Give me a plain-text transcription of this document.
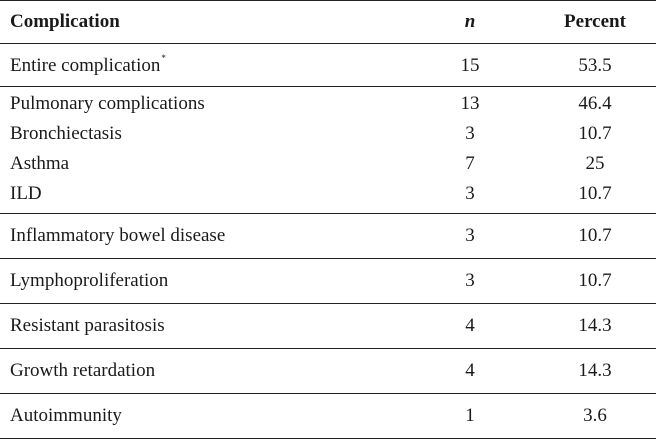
Complication	n	Percent
Entire complication*	15	53.5
Pulmonary complications	13	46.4
Bronchiectasis	3	10.7
Asthma	7	25
ILD	3	10.7
Inflammatory bowel disease	3	10.7
Lymphoproliferation	3	10.7
Resistant parasitosis	4	14.3
Growth retardation	4	14.3
Autoimmunity	1	3.6
